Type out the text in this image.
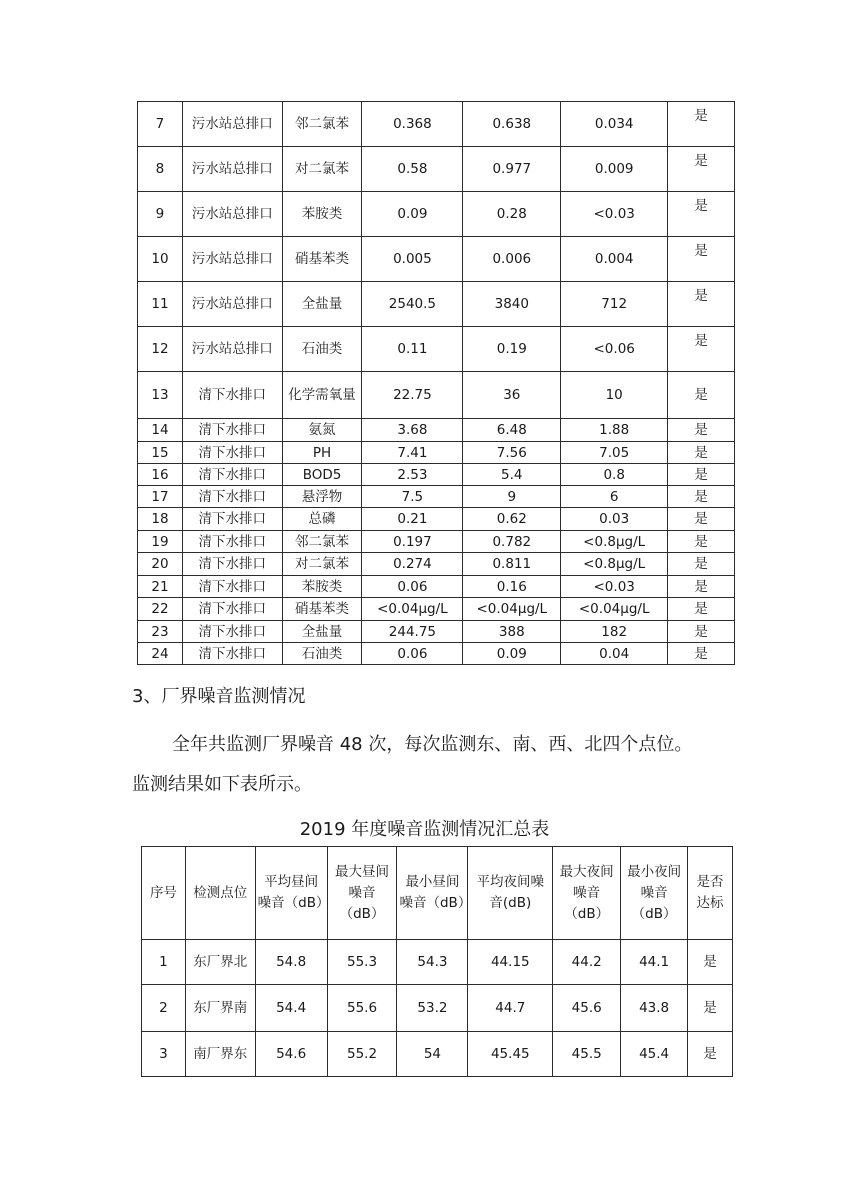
7	污水站总排口	邻二氯苯	0.368	0.638	0.034	是
8	污水站总排口	对二氯苯	0.58	0.977	0.009	是
9	污水站总排口	苯胺类	0.09	0.28	<0.03	是
10	污水站总排口	硝基苯类	0.005	0.006	0.004	是
11	污水站总排口	全盐量	2540.5	3840	712	是
12	污水站总排口	石油类	0.11	0.19	<0.06	是
13	清下水排口	化学需氧量	22.75	36	10	是
14	清下水排口	氨氮	3.68	6.48	1.88	是
15	清下水排口	PH	7.41	7.56	7.05	是
16	清下水排口	BOD5	2.53	5.4	0.8	是
17	清下水排口	悬浮物	7.5	9	6	是
18	清下水排口	总磷	0.21	0.62	0.03	是
19	清下水排口	邻二氯苯	0.197	0.782	<0.8μg/L	是
20	清下水排口	对二氯苯	0.274	0.811	<0.8μg/L	是
21	清下水排口	苯胺类	0.06	0.16	<0.03	是
22	清下水排口	硝基苯类	<0.04μg/L	<0.04μg/L	<0.04μg/L	是
23	清下水排口	全盐量	244.75	388	182	是
24	清下水排口	石油类	0.06	0.09	0.04	是
3、厂界噪音监测情况
全年共监测厂界噪音 48 次，每次监测东、南、西、北四个点位。
监测结果如下表所示。
2019 年度噪音监测情况汇总表
序号	检测点位	平均昼间噪音（dB）	最大昼间噪音（dB）	最小昼间噪音（dB）	平均夜间噪音(dB)	最大夜间噪音（dB）	最小夜间噪音（dB）	是否达标
1	东厂界北	54.8	55.3	54.3	44.15	44.2	44.1	是
2	东厂界南	54.4	55.6	53.2	44.7	45.6	43.8	是
3	南厂界东	54.6	55.2	54	45.45	45.5	45.4	是
